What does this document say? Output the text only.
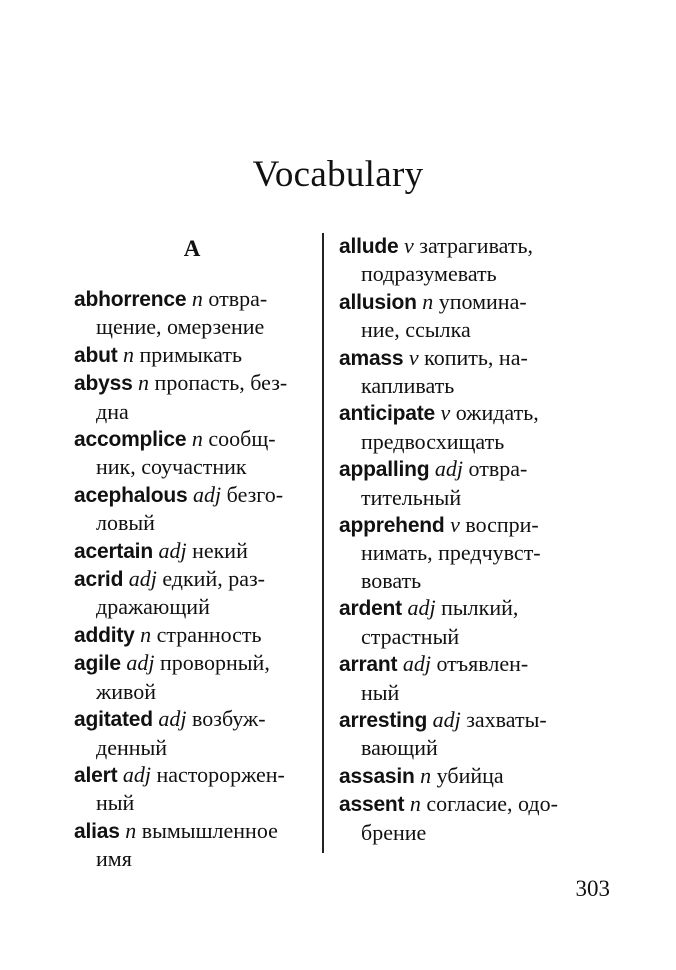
Vocabulary
A

abhorrence n отвра-
щение, омерзение

abut n примыкать

abyss n пропасть, без-
дна

accomplice n сообщ-
ник, соучастник

acephalous adj безго-
ловый

acertain adj некий

acrid adj едкий, раз-
дражающий

addity n странность

agile adj проворный,
живой

agitated adj возбуж-
денный

alert adj настороржен-
ный

alias n вымышленное
имя

allude v затрагивать,
подразумевать

allusion n упомина-
ние, ссылка

amass v копить, на-
капливать

anticipate v ожидать,
предвосхищать

appalling adj отвра-
тительный

apprehend v воспри-
нимать, предчувст-
вовать

ardent adj пылкий,
страстный

arrant adj отъявлен-
ный

arresting adj захваты-
вающий

assasin n убийца

assent n согласие, одо-
брение

303
